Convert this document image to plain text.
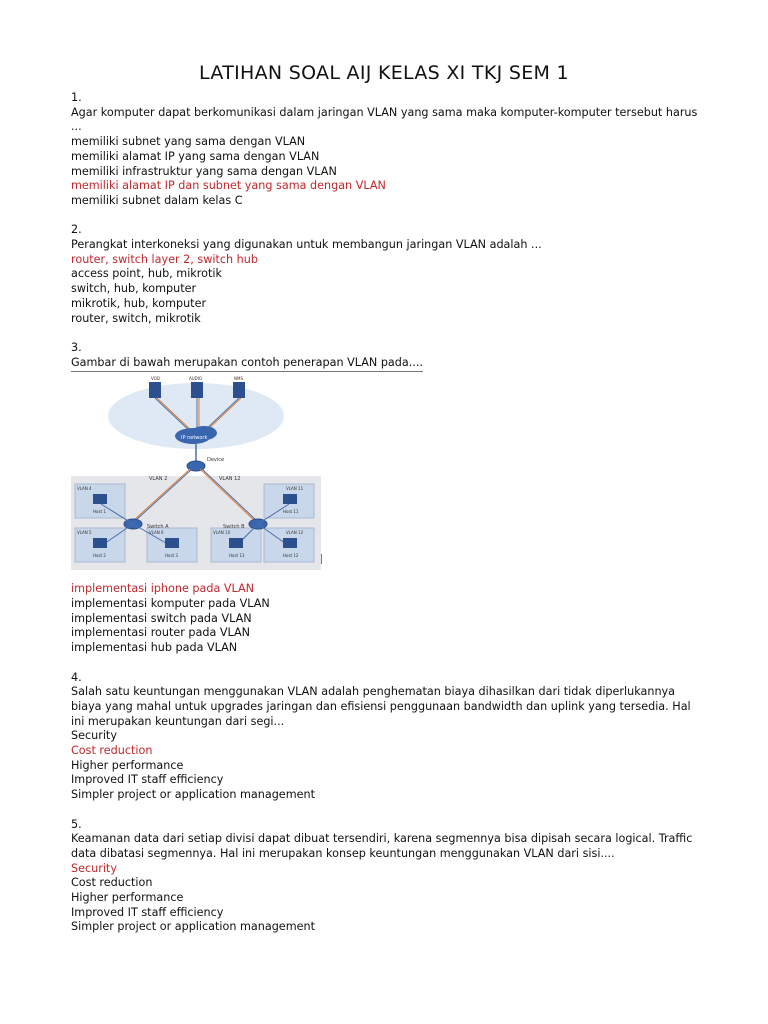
LATIHAN SOAL AIJ KELAS XI TKJ SEM 1
1.
Agar komputer dapat berkomunikasi dalam jaringan VLAN yang sama maka komputer-komputer tersebut harus
...
memiliki subnet yang sama dengan VLAN
memiliki alamat IP yang sama dengan VLAN
memiliki infrastruktur yang sama dengan VLAN
memiliki alamat IP dan subnet yang sama dengan VLAN
memiliki subnet dalam kelas C
2.
Perangkat interkoneksi yang digunakan untuk membangun jaringan VLAN adalah ...
router, switch layer 2, switch hub
access point, hub, mikrotik
switch, hub, komputer
mikrotik, hub, komputer
router, switch, mikrotik
3.
Gambar di bawah merupakan contoh penerapan VLAN pada....
IP network
Device
VLAN 2	VLAN 12
Switch A	Switch B
VOD	AUDIO	NMS
VLAN 4
VLAN 5	VLAN 6
VLAN 11
VLAN 10	VLAN 12
Host 1
Host 2	Host 3
Host 11
Host 13	Host 12
implementasi iphone pada VLAN
implementasi komputer pada VLAN
implementasi switch pada VLAN
implementasi router pada VLAN
implementasi hub pada VLAN
4.
Salah satu keuntungan menggunakan VLAN adalah penghematan biaya dihasilkan dari tidak diperlukannya
biaya yang mahal untuk upgrades jaringan dan efisiensi penggunaan bandwidth dan uplink yang tersedia. Hal
ini merupakan keuntungan dari segi...
Security
Cost reduction
Higher performance
Improved IT staff efficiency
Simpler project or application management
5.
Keamanan data dari setiap divisi dapat dibuat tersendiri, karena segmennya bisa dipisah secara logical. Traffic
data dibatasi segmennya. Hal ini merupakan konsep keuntungan menggunakan VLAN dari sisi....
Security
Cost reduction
Higher performance
Improved IT staff efficiency
Simpler project or application management
